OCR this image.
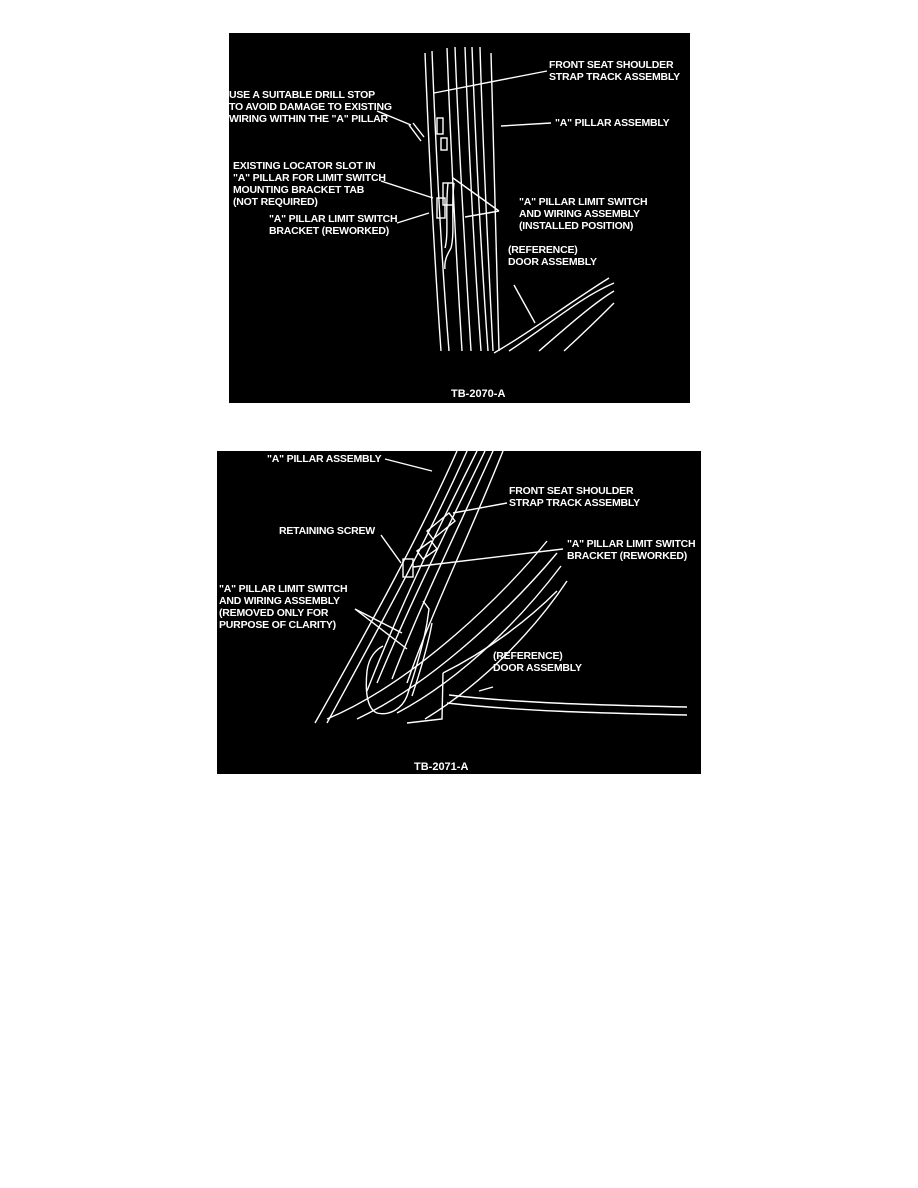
FRONT SEAT SHOULDER
STRAP TRACK ASSEMBLY
USE A SUITABLE DRILL STOP
TO AVOID DAMAGE TO EXISTING
WIRING WITHIN THE "A" PILLAR	"A" PILLAR ASSEMBLY
EXISTING LOCATOR SLOT IN
"A" PILLAR FOR LIMIT SWITCH
MOUNTING BRACKET TAB
(NOT REQUIRED)	"A" PILLAR LIMIT SWITCH
AND WIRING ASSEMBLY
(INSTALLED POSITION)
"A" PILLAR LIMIT SWITCH
BRACKET (REWORKED)
(REFERENCE)
DOOR ASSEMBLY
TB-2070-A
"A" PILLAR ASSEMBLY
FRONT SEAT SHOULDER
STRAP TRACK ASSEMBLY
RETAINING SCREW
"A" PILLAR LIMIT SWITCH
BRACKET (REWORKED)
"A" PILLAR LIMIT SWITCH
AND WIRING ASSEMBLY
(REMOVED ONLY FOR
PURPOSE OF CLARITY)
(REFERENCE)
DOOR ASSEMBLY
TB-2071-A
